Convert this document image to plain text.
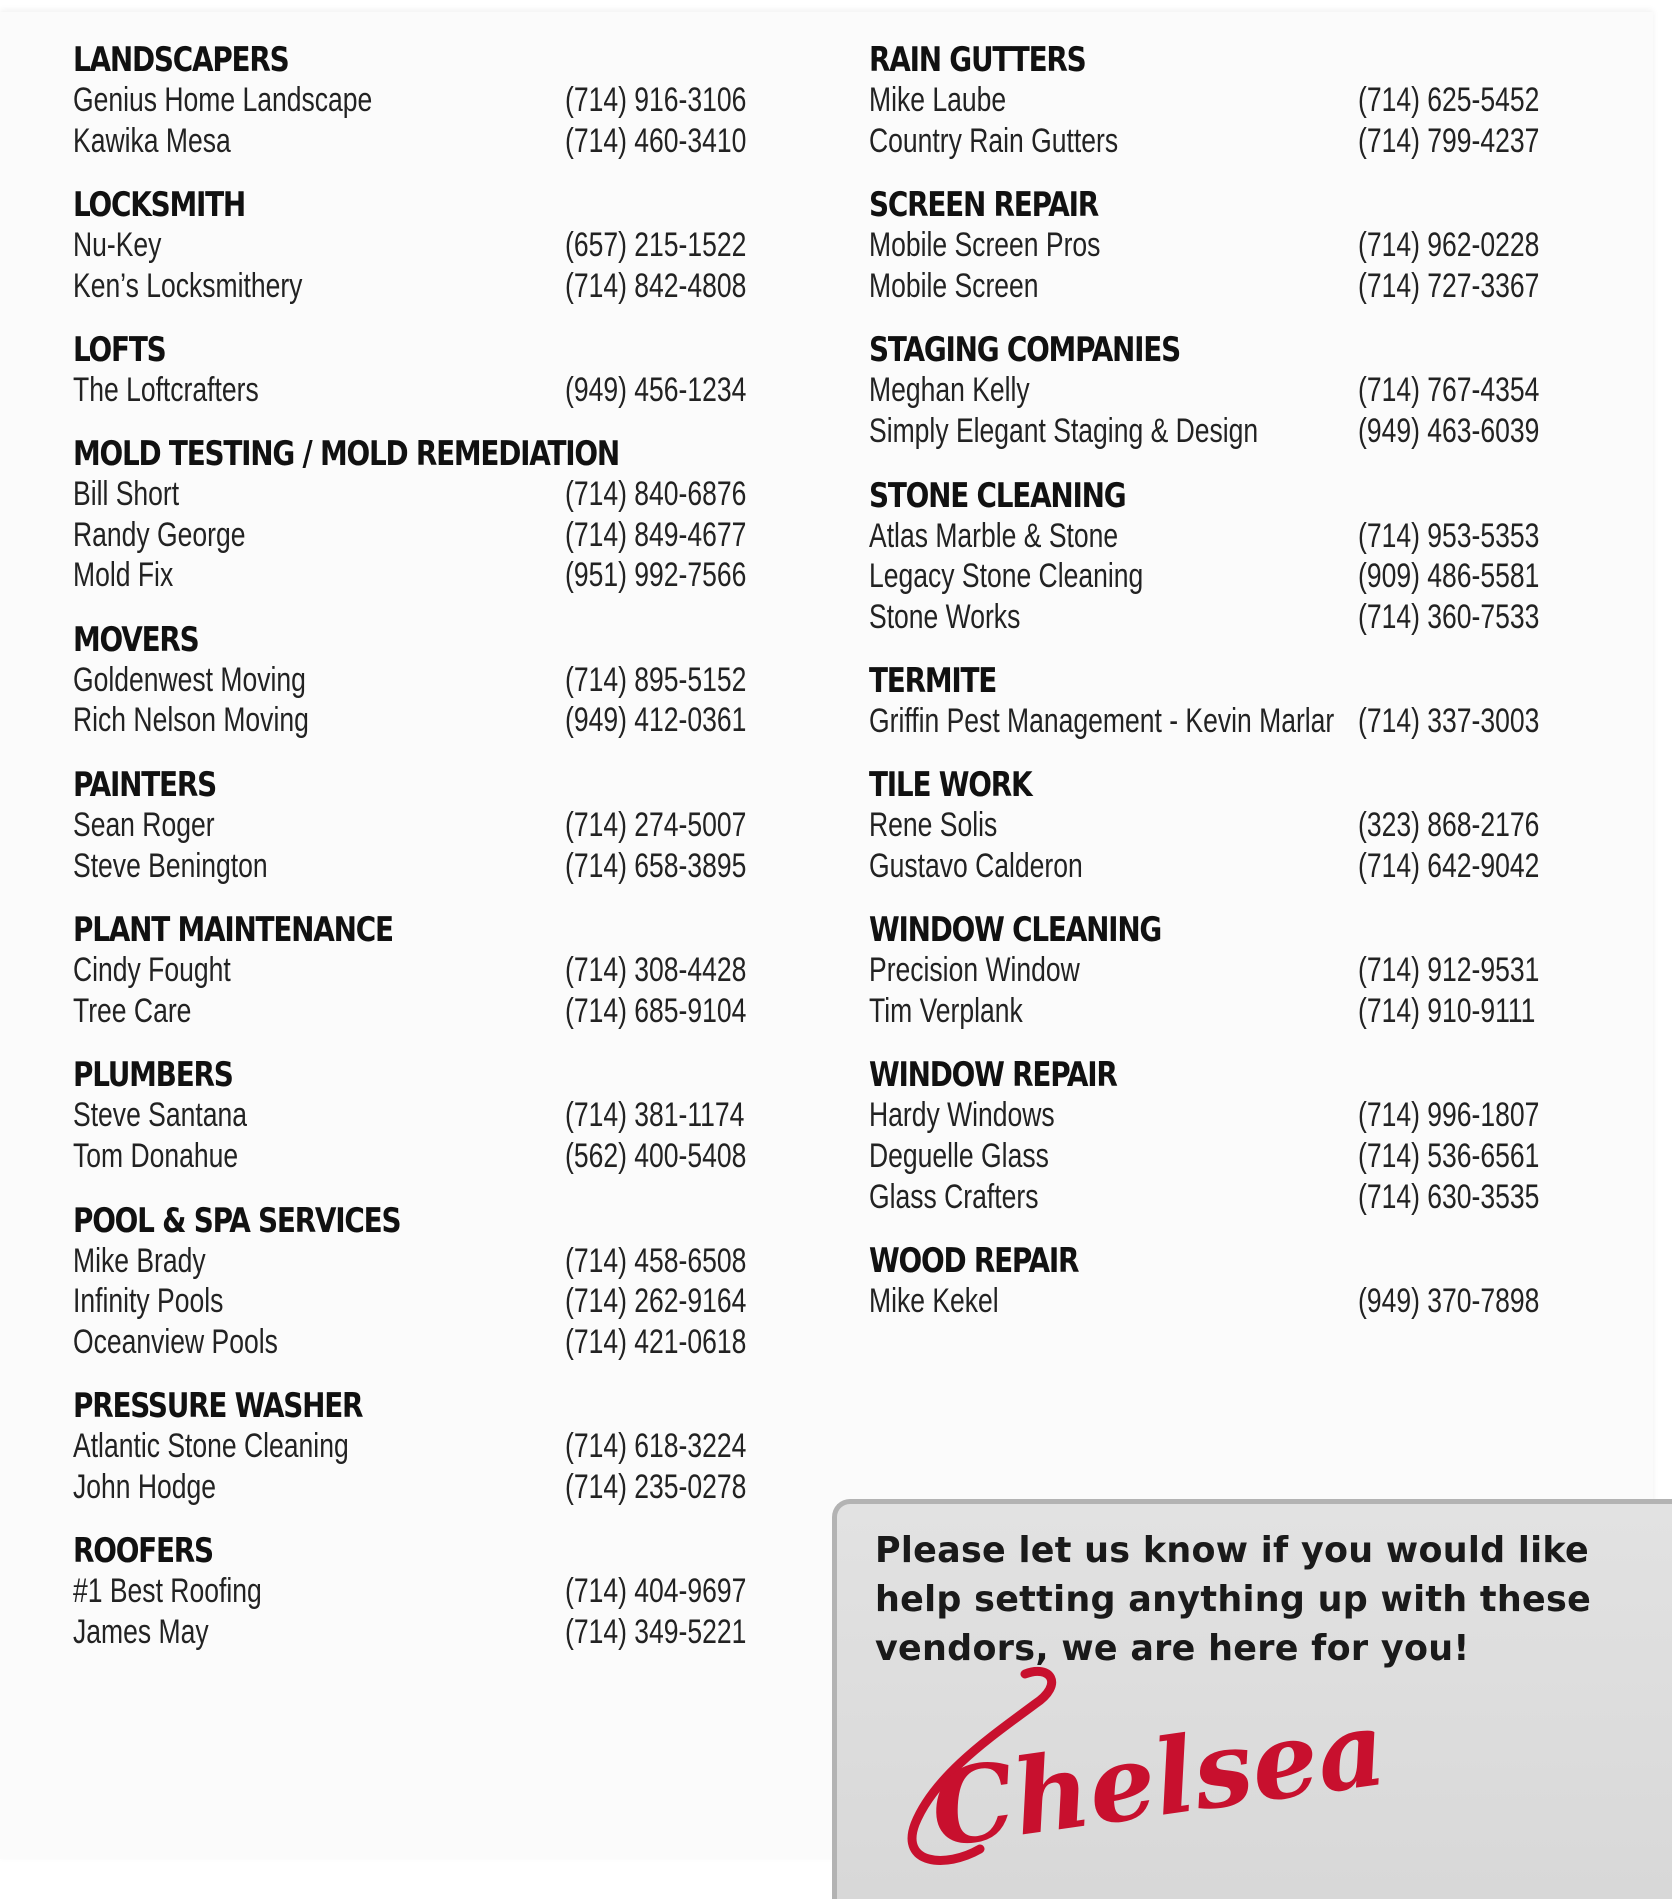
LANDSCAPERS
Genius Home Landscape	(714) 916-3106
Kawika Mesa	(714) 460-3410
LOCKSMITH
Nu-Key	(657) 215-1522
Ken’s Locksmithery	(714) 842-4808
LOFTS
The Loftcrafters	(949) 456-1234
MOLD TESTING / MOLD REMEDIATION
Bill Short	(714) 840-6876
Randy George	(714) 849-4677
Mold Fix	(951) 992-7566
MOVERS
Goldenwest Moving	(714) 895-5152
Rich Nelson Moving	(949) 412-0361
PAINTERS
Sean Roger	(714) 274-5007
Steve Benington	(714) 658-3895
PLANT MAINTENANCE
Cindy Fought	(714) 308-4428
Tree Care	(714) 685-9104
PLUMBERS
Steve Santana	(714) 381-1174
Tom Donahue	(562) 400-5408
POOL & SPA SERVICES
Mike Brady	(714) 458-6508
Infinity Pools	(714) 262-9164
Oceanview Pools	(714) 421-0618
PRESSURE WASHER
Atlantic Stone Cleaning	(714) 618-3224
John Hodge	(714) 235-0278
ROOFERS
#1 Best Roofing	(714) 404-9697
James May	(714) 349-5221
RAIN GUTTERS
Mike Laube	(714) 625-5452
Country Rain Gutters	(714) 799-4237
SCREEN REPAIR
Mobile Screen Pros	(714) 962-0228
Mobile Screen	(714) 727-3367
STAGING COMPANIES
Meghan Kelly	(714) 767-4354
Simply Elegant Staging & Design	(949) 463-6039
STONE CLEANING
Atlas Marble & Stone	(714) 953-5353
Legacy Stone Cleaning	(909) 486-5581
Stone Works	(714) 360-7533
TERMITE
Griffin Pest Management - Kevin Marlar (714) 337-3003
TILE WORK
Rene Solis	(323) 868-2176
Gustavo Calderon	(714) 642-9042
WINDOW CLEANING
Precision Window	(714) 912-9531
Tim Verplank	(714) 910-9111
WINDOW REPAIR
Hardy Windows	(714) 996-1807
Deguelle Glass	(714) 536-6561
Glass Crafters	(714) 630-3535
WOOD REPAIR
Mike Kekel	(949) 370-7898
Please let us know if you would like help setting anything up with these vendors, we are here for you!
Chelsea
